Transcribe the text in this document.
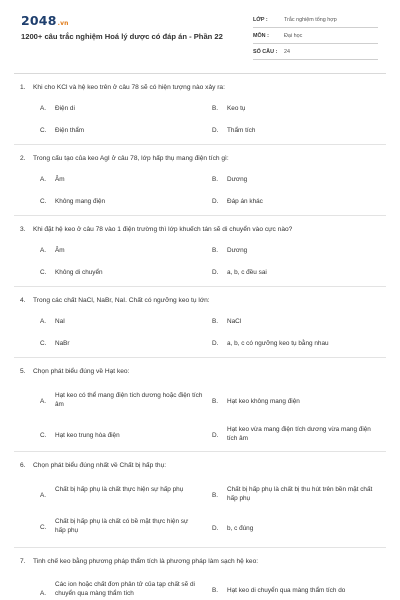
2048.vn
1200+ câu trắc nghiệm Hoá lý dược có đáp án - Phần 22
LỚP :	Trắc nghiệm tổng hợp
MÔN :	Đại học
SỐ CÂU : 24
1. Khi cho KCl và hệ keo trên ở câu 78 sẽ có hiện tượng nào xảy ra:
A. Điện di	B. Keo tụ
C. Điện thẩm	D. Thẩm tích
2. Trong cấu tạo của keo AgI ở câu 78, lớp hấp thụ mang điện tích gì:
A. Âm	B. Dương
C. Không mang điện	D. Đáp án khác
3. Khi đặt hệ keo ở câu 78 vào 1 điện trường thì lớp khuếch tán sẽ di chuyển vào cực nào?
A. Âm	B. Dương
C. Không di chuyển	D. a, b, c đều sai
4. Trong các chất NaCl, NaBr, NaI. Chất có ngưỡng keo tụ lớn:
A. NaI	B. NaCl
C. NaBr	D. a, b, c có ngưỡng keo tụ bằng nhau
5. Chọn phát biểu đúng về Hạt keo:
A.
Hạt keo có thể mang điện tích dương hoặc điện tích âm	B. Hạt keo không mang điện
C. Hạt keo trung hòa điện	D.
Hạt keo vừa mang điện tích dương vừa mang điện tích âm
6. Chọn phát biểu đúng nhất về Chất bị hấp thụ:
A.
Chất bị hấp phụ là chất thực hiện sự hấp phụ
B.
Chất bị hấp phụ là chất bị thu hút trên bền mặt chất hấp phụ
C.
Chất bị hấp phụ là chất có bề mặt thực hiện sự hấp phụ	D. b, c đúng
7. Tinh chế keo bằng phương pháp thẩm tích là phương pháp làm sạch hệ keo:
A.
Các ion hoặc chất đơn phân tử của tạp chất sẽ di chuyển qua màng thẩm tích	B. Hạt keo di chuyển qua màng thẩm tích do
